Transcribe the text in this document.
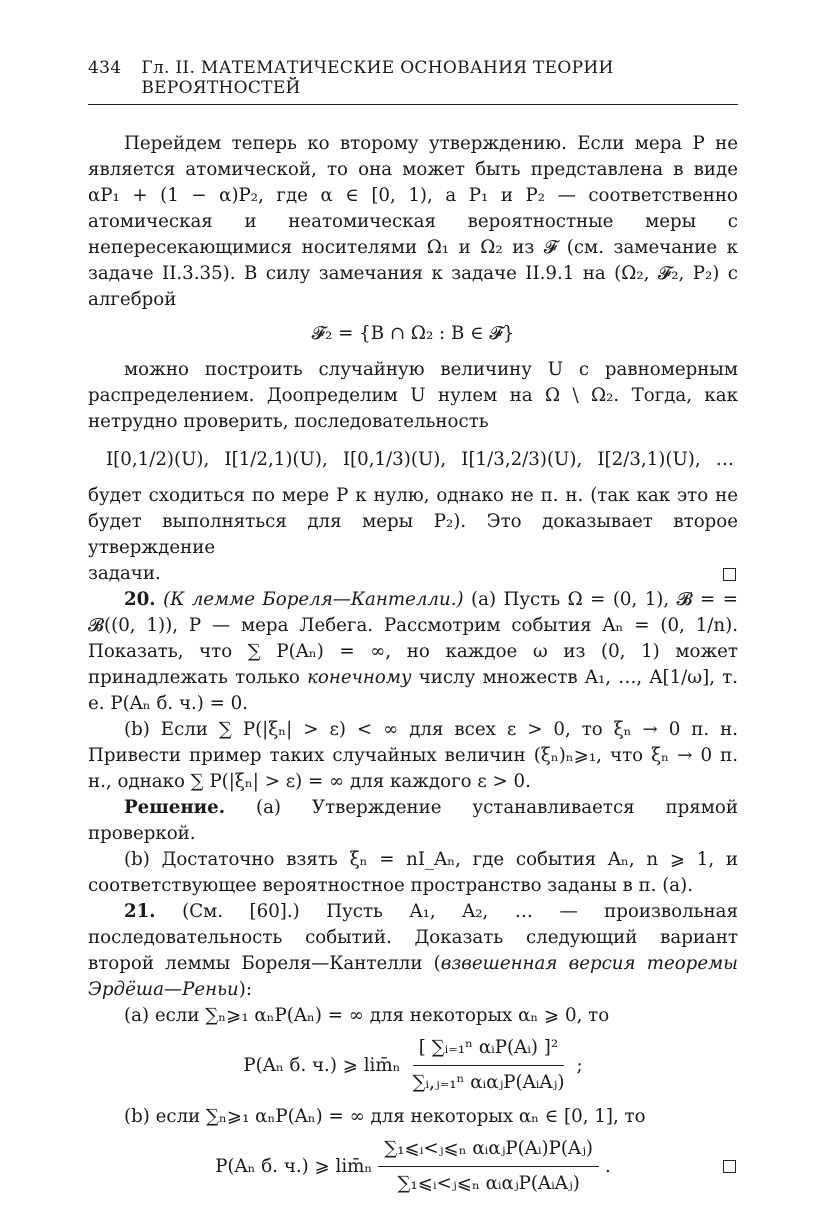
434 Гл. II. МАТЕМАТИЧЕСКИЕ ОСНОВАНИЯ ТЕОРИИ ВЕРОЯТНОСТЕЙ

Перейдем теперь ко второму утверждению. Если мера P не является атомической, то она может быть представлена в виде αP₁ + (1 − α)P₂, где α ∈ [0, 1), а P₁ и P₂ — соответственно атомическая и неатомическая вероятностные меры с непересекающимися носителями Ω₁ и Ω₂ из 𝓕 (см. замечание к задаче II.3.35). В силу замечания к задаче II.9.1 на (Ω₂, 𝓕₂, P₂) с алгеброй

𝓕₂ = {B ∩ Ω₂ : B ∈ 𝓕}

можно построить случайную величину U с равномерным распределением. Доопределим U нулем на Ω \ Ω₂. Тогда, как нетрудно проверить, последовательность

I[0,1/2)(U), I[1/2,1)(U), I[0,1/3)(U), I[1/3,2/3)(U), I[2/3,1)(U), …
будет сходиться по мере P к нулю, однако не п. н. (так как это не будет выполняться для меры P₂). Это доказывает второе утверждение
задачи.

20. (К лемме Бореля—Кантелли.) (a) Пусть Ω = (0, 1), 𝓑 = = 𝓑((0, 1)), P — мера Лебега. Рассмотрим события Aₙ = (0, 1/n). Показать, что ∑ P(Aₙ) = ∞, но каждое ω из (0, 1) может принадлежать только конечному числу множеств A₁, …, A[1/ω], т. е. P(Aₙ б. ч.) = 0.

(b) Если ∑ P(|ξₙ| > ε) < ∞ для всех ε > 0, то ξₙ → 0 п. н. Привести пример таких случайных величин (ξₙ)ₙ⩾₁, что ξₙ → 0 п. н., однако ∑ P(|ξₙ| > ε) = ∞ для каждого ε > 0.

Решение. (a) Утверждение устанавливается прямой проверкой.

(b) Достаточно взять ξₙ = nI_Aₙ, где события Aₙ, n ⩾ 1, и соответствующее вероятностное пространство заданы в п. (a).

21. (См. [60].) Пусть A₁, A₂, … — произвольная последовательность событий. Доказать следующий вариант второй леммы Бореля—Кантелли (взвешенная версия теоремы Эрдёша—Реньи):

(a) если ∑ₙ⩾₁ αₙP(Aₙ) = ∞ для некоторых αₙ ⩾ 0, то

P(Aₙ б. ч.) ⩾ lim̄ₙ $\frac{\text{[ ∑ᵢ₌₁ⁿ αᵢP(Aᵢ) ]²}}{\text{∑ᵢ,ⱼ₌₁ⁿ αᵢαⱼP(AᵢAⱼ)}}$ ;

(b) если ∑ₙ⩾₁ αₙP(Aₙ) = ∞ для некоторых αₙ ∈ [0, 1], то

P(Aₙ б. ч.) ⩾ lim̄ₙ $\frac{\text{∑₁⩽ᵢ<ⱼ⩽ₙ αᵢαⱼP(Aᵢ)P(Aⱼ)}}{\text{∑₁⩽ᵢ<ⱼ⩽ₙ αᵢαⱼP(AᵢAⱼ)}}$ .
